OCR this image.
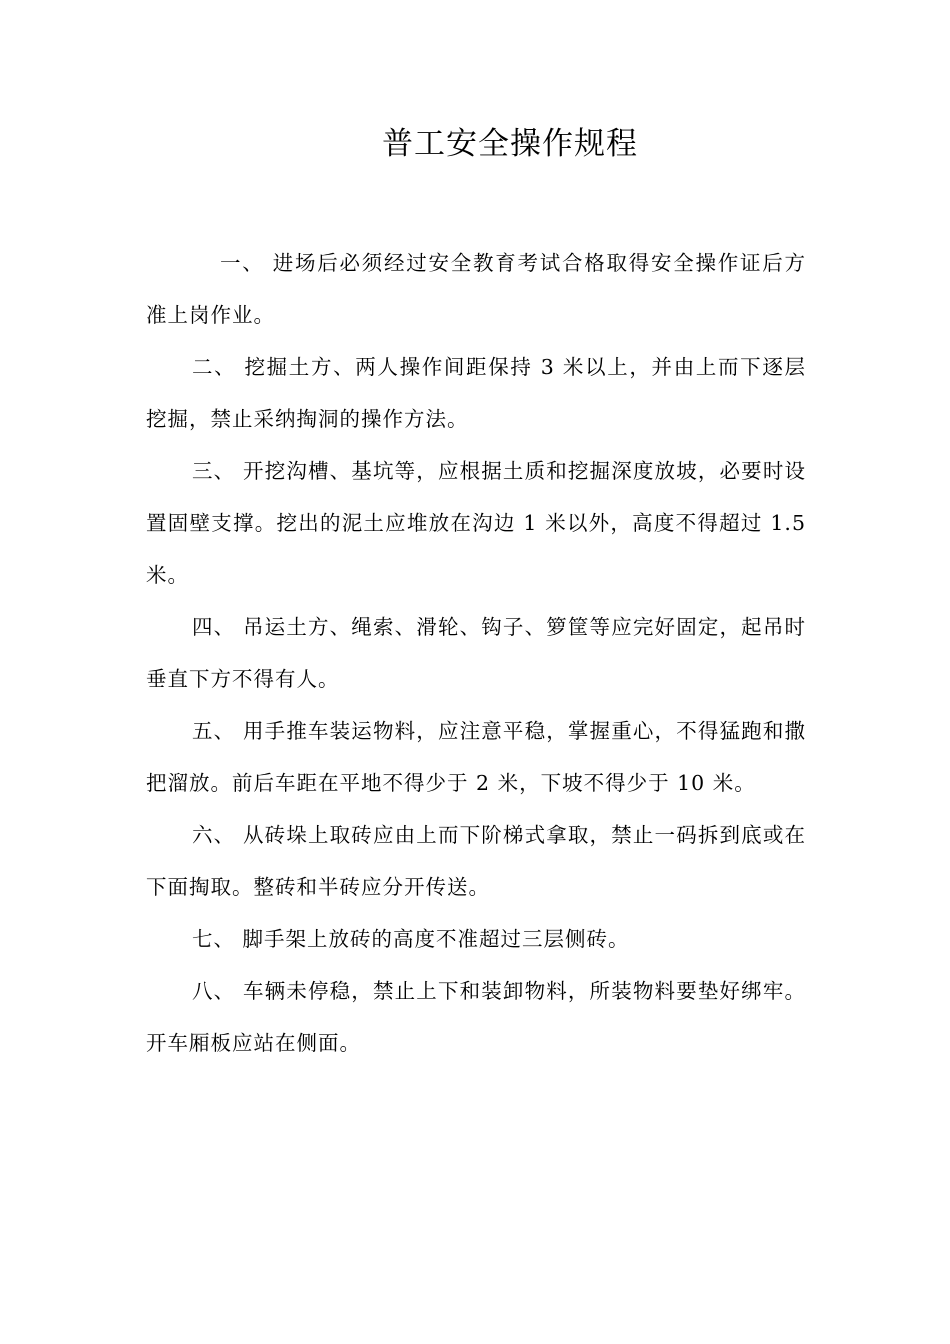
普工安全操作规程

一、 进场后必须经过安全教育考试合格取得安全操作证后方准上岗作业。

二、 挖掘土方、两人操作间距保持 3 米以上，并由上而下逐层挖掘，禁止采纳掏洞的操作方法。

三、 开挖沟槽、基坑等，应根据土质和挖掘深度放坡，必要时设置固壁支撑。挖出的泥土应堆放在沟边 1 米以外，高度不得超过 1.5 米。

四、 吊运土方、绳索、滑轮、钩子、箩筐等应完好固定，起吊时垂直下方不得有人。

五、 用手推车装运物料，应注意平稳，掌握重心，不得猛跑和撒把溜放。前后车距在平地不得少于 2 米，下坡不得少于 10 米。

六、 从砖垛上取砖应由上而下阶梯式拿取，禁止一码拆到底或在下面掏取。整砖和半砖应分开传送。

七、 脚手架上放砖的高度不准超过三层侧砖。

八、 车辆未停稳，禁止上下和装卸物料，所装物料要垫好绑牢。开车厢板应站在侧面。
